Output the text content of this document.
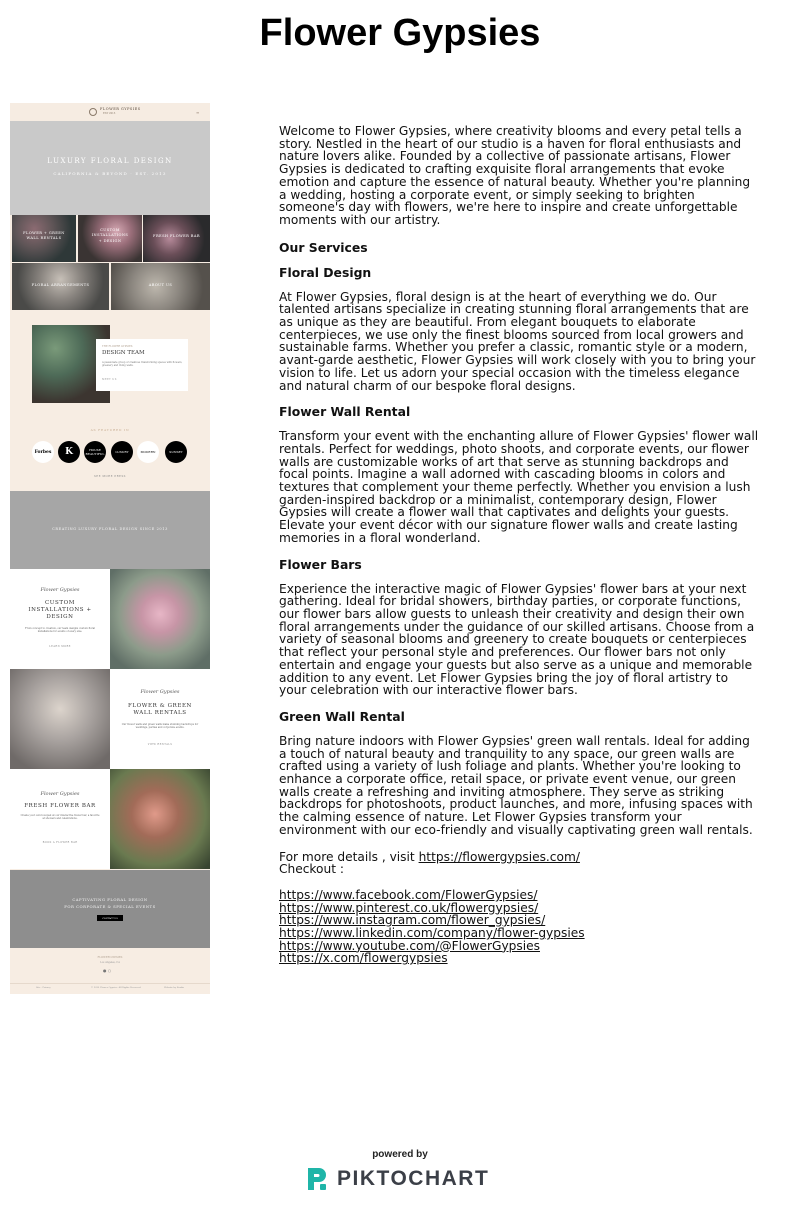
Flower Gypsies
FLOWER GYPSIES
EST 2013	≡
LUXURY FLORAL DESIGN
CALIFORNIA & BEYOND · EST. 2013
FLOWER + GREEN WALL RENTALS
CUSTOM INSTALLATIONS + DESIGN
FRESH FLOWER BAR
FLORAL ARRANGEMENTS	ABOUT US
THE FLOWER GYPSIES
DESIGN TEAM
A passionate group of creatives transforming spaces with flowers, greenery and living walls.
MEET US
AS FEATURED IN
Forbes	K	HOUSE BEAUTIFUL	LUXURY	MODERN	SUNSET
SEE MORE PRESS
CREATING LUXURY FLORAL DESIGN SINCE 2013
Flower Gypsies
CUSTOM INSTALLATIONS + DESIGN
From concept to creation, our team designs custom floral installations for events of every size.
LEARN MORE
Flower Gypsies
FLOWER & GREEN WALL RENTALS
Our flower walls and green walls make stunning backdrops for weddings, parties and corporate events.
VIEW RENTALS
Flower Gypsies
FRESH FLOWER BAR
Create your own bouquet at our interactive flower bar, a favorite at showers and celebrations.
BOOK A FLOWER BAR
CAPTIVATING FLORAL DESIGN
FOR CORPORATE & SPECIAL EVENTS
CONTACT US
FLOWER GYPSIES
Los Angeles, CA
● ○
Site · Privacy	© 2024 Flower Gypsies. All Rights Reserved.	Website by Studio

Welcome to Flower Gypsies, where creativity blooms and every petal tells a story. Nestled in the heart of our studio is a haven for floral enthusiasts and nature lovers alike. Founded by a collective of passionate artisans, Flower Gypsies is dedicated to crafting exquisite floral arrangements that evoke emotion and capture the essence of natural beauty. Whether you're planning a wedding, hosting a corporate event, or simply seeking to brighten someone's day with flowers, we're here to inspire and create unforgettable moments with our artistry.

Our Services
Floral Design

At Flower Gypsies, floral design is at the heart of everything we do. Our talented artisans specialize in creating stunning floral arrangements that are as unique as they are beautiful. From elegant bouquets to elaborate centerpieces, we use only the finest blooms sourced from local growers and sustainable farms. Whether you prefer a classic, romantic style or a modern, avant-garde aesthetic, Flower Gypsies will work closely with you to bring your vision to life. Let us adorn your special occasion with the timeless elegance and natural charm of our bespoke floral designs.

Flower Wall Rental

Transform your event with the enchanting allure of Flower Gypsies' flower wall rentals. Perfect for weddings, photo shoots, and corporate events, our flower walls are customizable works of art that serve as stunning backdrops and focal points. Imagine a wall adorned with cascading blooms in colors and textures that complement your theme perfectly. Whether you envision a lush garden-inspired backdrop or a minimalist, contemporary design, Flower Gypsies will create a flower wall that captivates and delights your guests. Elevate your event décor with our signature flower walls and create lasting memories in a floral wonderland.

Flower Bars

Experience the interactive magic of Flower Gypsies' flower bars at your next gathering. Ideal for bridal showers, birthday parties, or corporate functions, our flower bars allow guests to unleash their creativity and design their own floral arrangements under the guidance of our skilled artisans. Choose from a variety of seasonal blooms and greenery to create bouquets or centerpieces that reflect your personal style and preferences. Our flower bars not only entertain and engage your guests but also serve as a unique and memorable addition to any event. Let Flower Gypsies bring the joy of floral artistry to your celebration with our interactive flower bars.

Green Wall Rental

Bring nature indoors with Flower Gypsies' green wall rentals. Ideal for adding a touch of natural beauty and tranquility to any space, our green walls are crafted using a variety of lush foliage and plants. Whether you're looking to enhance a corporate office, retail space, or private event venue, our green walls create a refreshing and inviting atmosphere. They serve as striking backdrops for photoshoots, product launches, and more, infusing spaces with the calming essence of nature. Let Flower Gypsies transform your environment with our eco-friendly and visually captivating green wall rentals.

For more details , visit https://flowergypsies.com/

Checkout :

https://www.facebook.com/FlowerGypsies/
https://www.pinterest.co.uk/flowergypsies/
https://www.instagram.com/flower_gypsies/
https://www.linkedin.com/company/flower-gypsies
https://www.youtube.com/@FlowerGypsies
https://x.com/flowergypsies
powered by
PIKTOCHART
